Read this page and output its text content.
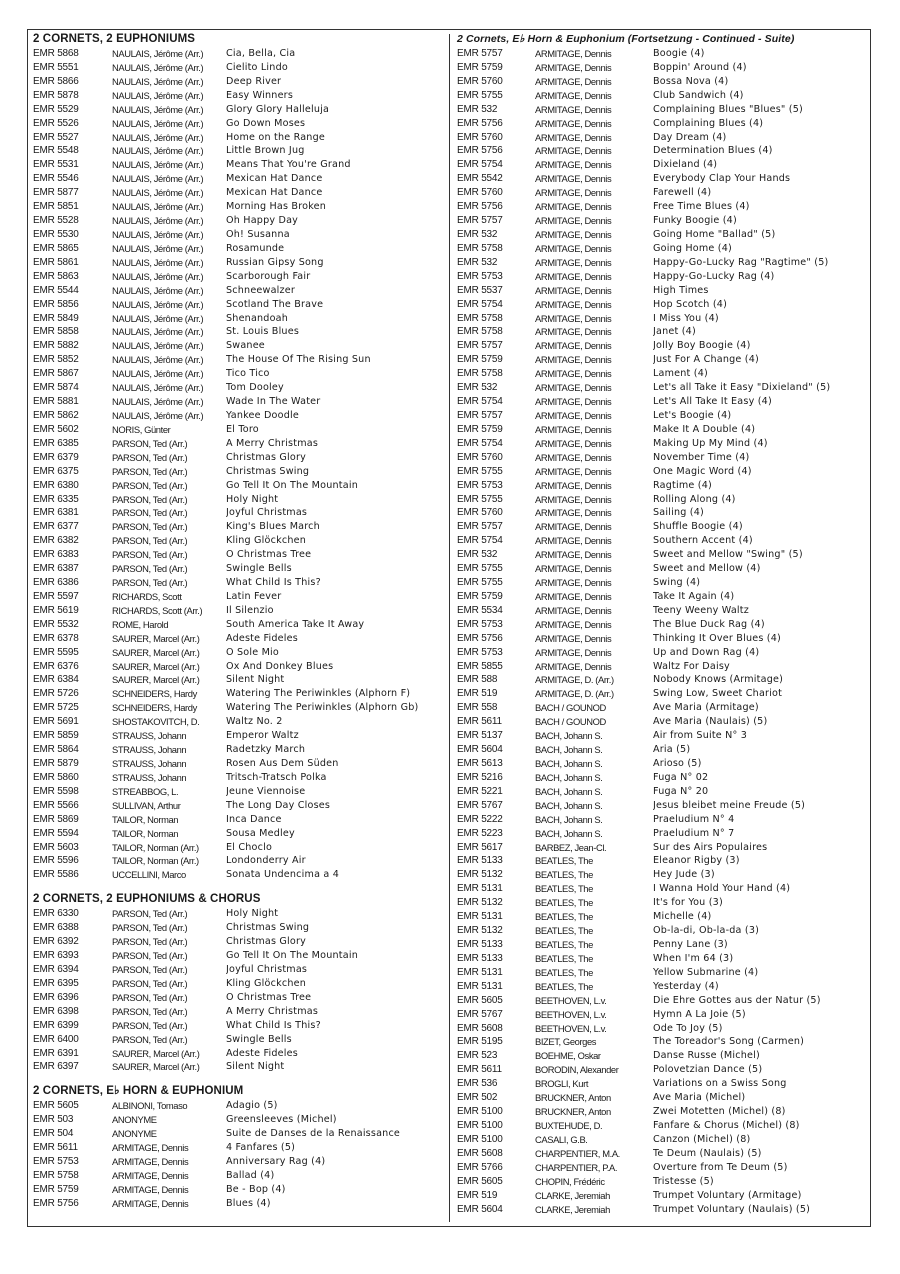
2 CORNETS, 2 EUPHONIUMS
EMR 5868	NAULAIS, Jérôme (Arr.)	Cia, Bella, Cia
EMR 5551	NAULAIS, Jérôme (Arr.)	Cielito Lindo
EMR 5866	NAULAIS, Jérôme (Arr.)	Deep River
EMR 5878	NAULAIS, Jérôme (Arr.)	Easy Winners
EMR 5529	NAULAIS, Jérôme (Arr.)	Glory Glory Halleluja
EMR 5526	NAULAIS, Jérôme (Arr.)	Go Down Moses
EMR 5527	NAULAIS, Jérôme (Arr.)	Home on the Range
EMR 5548	NAULAIS, Jérôme (Arr.)	Little Brown Jug
EMR 5531	NAULAIS, Jérôme (Arr.)	Means That You're Grand
EMR 5546	NAULAIS, Jérôme (Arr.)	Mexican Hat Dance
EMR 5877	NAULAIS, Jérôme (Arr.)	Mexican Hat Dance
EMR 5851	NAULAIS, Jérôme (Arr.)	Morning Has Broken
EMR 5528	NAULAIS, Jérôme (Arr.)	Oh Happy Day
EMR 5530	NAULAIS, Jérôme (Arr.)	Oh! Susanna
EMR 5865	NAULAIS, Jérôme (Arr.)	Rosamunde
EMR 5861	NAULAIS, Jérôme (Arr.)	Russian Gipsy Song
EMR 5863	NAULAIS, Jérôme (Arr.)	Scarborough Fair
EMR 5544	NAULAIS, Jérôme (Arr.)	Schneewalzer
EMR 5856	NAULAIS, Jérôme (Arr.)	Scotland The Brave
EMR 5849	NAULAIS, Jérôme (Arr.)	Shenandoah
EMR 5858	NAULAIS, Jérôme (Arr.)	St. Louis Blues
EMR 5882	NAULAIS, Jérôme (Arr.)	Swanee
EMR 5852	NAULAIS, Jérôme (Arr.)	The House Of The Rising Sun
EMR 5867	NAULAIS, Jérôme (Arr.)	Tico Tico
EMR 5874	NAULAIS, Jérôme (Arr.)	Tom Dooley
EMR 5881	NAULAIS, Jérôme (Arr.)	Wade In The Water
EMR 5862	NAULAIS, Jérôme (Arr.)	Yankee Doodle
EMR 5602	NORIS, Günter	El Toro
EMR 6385	PARSON, Ted (Arr.)	A Merry Christmas
EMR 6379	PARSON, Ted (Arr.)	Christmas Glory
EMR 6375	PARSON, Ted (Arr.)	Christmas Swing
EMR 6380	PARSON, Ted (Arr.)	Go Tell It On The Mountain
EMR 6335	PARSON, Ted (Arr.)	Holy Night
EMR 6381	PARSON, Ted (Arr.)	Joyful Christmas
EMR 6377	PARSON, Ted (Arr.)	King's Blues March
EMR 6382	PARSON, Ted (Arr.)	Kling Glöckchen
EMR 6383	PARSON, Ted (Arr.)	O Christmas Tree
EMR 6387	PARSON, Ted (Arr.)	Swingle Bells
EMR 6386	PARSON, Ted (Arr.)	What Child Is This?
EMR 5597	RICHARDS, Scott	Latin Fever
EMR 5619	RICHARDS, Scott (Arr.)	Il Silenzio
EMR 5532	ROME, Harold	South America Take It Away
EMR 6378	SAURER, Marcel (Arr.)	Adeste Fideles
EMR 5595	SAURER, Marcel (Arr.)	O Sole Mio
EMR 6376	SAURER, Marcel (Arr.)	Ox And Donkey Blues
EMR 6384	SAURER, Marcel (Arr.)	Silent Night
EMR 5726	SCHNEIDERS, Hardy	Watering The Periwinkles (Alphorn F)
EMR 5725	SCHNEIDERS, Hardy	Watering The Periwinkles (Alphorn Gb)
EMR 5691	SHOSTAKOVITCH, D.	Waltz No. 2
EMR 5859	STRAUSS, Johann	Emperor Waltz
EMR 5864	STRAUSS, Johann	Radetzky March
EMR 5879	STRAUSS, Johann	Rosen Aus Dem Süden
EMR 5860	STRAUSS, Johann	Tritsch-Tratsch Polka
EMR 5598	STREABBOG, L.	Jeune Viennoise
EMR 5566	SULLIVAN, Arthur	The Long Day Closes
EMR 5869	TAILOR, Norman	Inca Dance
EMR 5594	TAILOR, Norman	Sousa Medley
EMR 5603	TAILOR, Norman (Arr.)	El Choclo
EMR 5596	TAILOR, Norman (Arr.)	Londonderry Air
EMR 5586	UCCELLINI, Marco	Sonata Undencima a 4
2 CORNETS, 2 EUPHONIUMS & CHORUS
EMR 6330	PARSON, Ted (Arr.)	Holy Night
EMR 6388	PARSON, Ted (Arr.)	Christmas Swing
EMR 6392	PARSON, Ted (Arr.)	Christmas Glory
EMR 6393	PARSON, Ted (Arr.)	Go Tell It On The Mountain
EMR 6394	PARSON, Ted (Arr.)	Joyful Christmas
EMR 6395	PARSON, Ted (Arr.)	Kling Glöckchen
EMR 6396	PARSON, Ted (Arr.)	O Christmas Tree
EMR 6398	PARSON, Ted (Arr.)	A Merry Christmas
EMR 6399	PARSON, Ted (Arr.)	What Child Is This?
EMR 6400	PARSON, Ted (Arr.)	Swingle Bells
EMR 6391	SAURER, Marcel (Arr.)	Adeste Fideles
EMR 6397	SAURER, Marcel (Arr.)	Silent Night
2 CORNETS, E♭ HORN & EUPHONIUM
EMR 5605	ALBINONI, Tomaso	Adagio (5)
EMR 503	ANONYME	Greensleeves (Michel)
EMR 504	ANONYME	Suite de Danses de la Renaissance
EMR 5611	ARMITAGE, Dennis	4 Fanfares (5)
EMR 5753	ARMITAGE, Dennis	Anniversary Rag (4)
EMR 5758	ARMITAGE, Dennis	Ballad (4)
EMR 5759	ARMITAGE, Dennis	Be - Bop (4)
EMR 5756	ARMITAGE, Dennis	Blues (4)
2 Cornets, E♭ Horn & Euphonium (Fortsetzung - Continued - Suite)
EMR 5757	ARMITAGE, Dennis	Boogie (4)
EMR 5759	ARMITAGE, Dennis	Boppin' Around (4)
EMR 5760	ARMITAGE, Dennis	Bossa Nova (4)
EMR 5755	ARMITAGE, Dennis	Club Sandwich (4)
EMR 532	ARMITAGE, Dennis	Complaining Blues "Blues" (5)
EMR 5756	ARMITAGE, Dennis	Complaining Blues (4)
EMR 5760	ARMITAGE, Dennis	Day Dream (4)
EMR 5756	ARMITAGE, Dennis	Determination Blues (4)
EMR 5754	ARMITAGE, Dennis	Dixieland (4)
EMR 5542	ARMITAGE, Dennis	Everybody Clap Your Hands
EMR 5760	ARMITAGE, Dennis	Farewell (4)
EMR 5756	ARMITAGE, Dennis	Free Time Blues (4)
EMR 5757	ARMITAGE, Dennis	Funky Boogie (4)
EMR 532	ARMITAGE, Dennis	Going Home "Ballad" (5)
EMR 5758	ARMITAGE, Dennis	Going Home (4)
EMR 532	ARMITAGE, Dennis	Happy-Go-Lucky Rag "Ragtime" (5)
EMR 5753	ARMITAGE, Dennis	Happy-Go-Lucky Rag (4)
EMR 5537	ARMITAGE, Dennis	High Times
EMR 5754	ARMITAGE, Dennis	Hop Scotch (4)
EMR 5758	ARMITAGE, Dennis	I Miss You (4)
EMR 5758	ARMITAGE, Dennis	Janet (4)
EMR 5757	ARMITAGE, Dennis	Jolly Boy Boogie (4)
EMR 5759	ARMITAGE, Dennis	Just For A Change (4)
EMR 5758	ARMITAGE, Dennis	Lament (4)
EMR 532	ARMITAGE, Dennis	Let's all Take it Easy "Dixieland" (5)
EMR 5754	ARMITAGE, Dennis	Let's All Take It Easy (4)
EMR 5757	ARMITAGE, Dennis	Let's Boogie (4)
EMR 5759	ARMITAGE, Dennis	Make It A Double (4)
EMR 5754	ARMITAGE, Dennis	Making Up My Mind (4)
EMR 5760	ARMITAGE, Dennis	November Time (4)
EMR 5755	ARMITAGE, Dennis	One Magic Word (4)
EMR 5753	ARMITAGE, Dennis	Ragtime (4)
EMR 5755	ARMITAGE, Dennis	Rolling Along (4)
EMR 5760	ARMITAGE, Dennis	Sailing (4)
EMR 5757	ARMITAGE, Dennis	Shuffle Boogie (4)
EMR 5754	ARMITAGE, Dennis	Southern Accent (4)
EMR 532	ARMITAGE, Dennis	Sweet and Mellow "Swing" (5)
EMR 5755	ARMITAGE, Dennis	Sweet and Mellow (4)
EMR 5755	ARMITAGE, Dennis	Swing (4)
EMR 5759	ARMITAGE, Dennis	Take It Again (4)
EMR 5534	ARMITAGE, Dennis	Teeny Weeny Waltz
EMR 5753	ARMITAGE, Dennis	The Blue Duck Rag (4)
EMR 5756	ARMITAGE, Dennis	Thinking It Over Blues (4)
EMR 5753	ARMITAGE, Dennis	Up and Down Rag (4)
EMR 5855	ARMITAGE, Dennis	Waltz For Daisy
EMR 588	ARMITAGE, D. (Arr.)	Nobody Knows (Armitage)
EMR 519	ARMITAGE, D. (Arr.)	Swing Low, Sweet Chariot
EMR 558	BACH / GOUNOD	Ave Maria (Armitage)
EMR 5611	BACH / GOUNOD	Ave Maria (Naulais) (5)
EMR 5137	BACH, Johann S.	Air from Suite N° 3
EMR 5604	BACH, Johann S.	Aria (5)
EMR 5613	BACH, Johann S.	Arioso (5)
EMR 5216	BACH, Johann S.	Fuga N° 02
EMR 5221	BACH, Johann S.	Fuga N° 20
EMR 5767	BACH, Johann S.	Jesus bleibet meine Freude (5)
EMR 5222	BACH, Johann S.	Praeludium N° 4
EMR 5223	BACH, Johann S.	Praeludium N° 7
EMR 5617	BARBEZ, Jean-Cl.	Sur des Airs Populaires
EMR 5133	BEATLES, The	Eleanor Rigby (3)
EMR 5132	BEATLES, The	Hey Jude (3)
EMR 5131	BEATLES, The	I Wanna Hold Your Hand (4)
EMR 5132	BEATLES, The	It's for You (3)
EMR 5131	BEATLES, The	Michelle (4)
EMR 5132	BEATLES, The	Ob-la-di, Ob-la-da (3)
EMR 5133	BEATLES, The	Penny Lane (3)
EMR 5133	BEATLES, The	When I'm 64 (3)
EMR 5131	BEATLES, The	Yellow Submarine (4)
EMR 5131	BEATLES, The	Yesterday (4)
EMR 5605	BEETHOVEN, L.v.	Die Ehre Gottes aus der Natur (5)
EMR 5767	BEETHOVEN, L.v.	Hymn A La Joie (5)
EMR 5608	BEETHOVEN, L.v.	Ode To Joy (5)
EMR 5195	BIZET, Georges	The Toreador's Song (Carmen)
EMR 523	BOEHME, Oskar	Danse Russe (Michel)
EMR 5611	BORODIN, Alexander	Polovetzian Dance (5)
EMR 536	BROGLI, Kurt	Variations on a Swiss Song
EMR 502	BRUCKNER, Anton	Ave Maria (Michel)
EMR 5100	BRUCKNER, Anton	Zwei Motetten (Michel) (8)
EMR 5100	BUXTEHUDE, D.	Fanfare & Chorus (Michel) (8)
EMR 5100	CASALI, G.B.	Canzon (Michel) (8)
EMR 5608	CHARPENTIER, M.A.	Te Deum (Naulais) (5)
EMR 5766	CHARPENTIER, P.A.	Overture from Te Deum (5)
EMR 5605	CHOPIN, Frédéric	Tristesse (5)
EMR 519	CLARKE, Jeremiah	Trumpet Voluntary (Armitage)
EMR 5604	CLARKE, Jeremiah	Trumpet Voluntary (Naulais) (5)
